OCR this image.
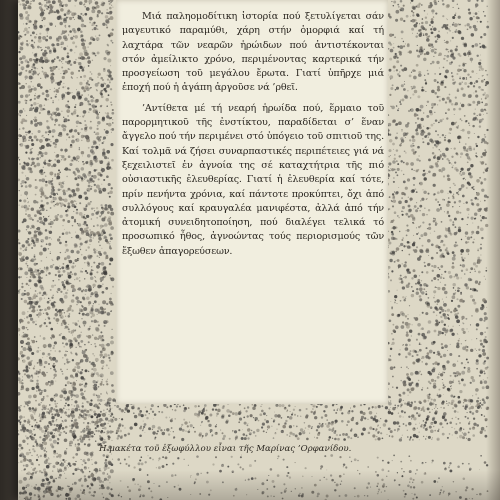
Μιά παληομοδίτικη ἱστορία πού ξετυλίγεται σάν μαγευτικό παραμύθι, χάρη στήν ὁμορφιά καί τή λαχτάρα τῶν νεαρῶν ἡρώιδων πού ἀντιστέκονται στόν ἀμείλικτο χρόνο, περιμένοντας καρτερικά τήν προσγείωση τοῦ μεγάλου ἔρωτα. Γιατί ὑπῆρχε μιά ἐποχή πού ἡ ἀγάπη ἀργοῦσε νά ’ρθεῖ.

’Αντίθετα μέ τή νεαρή ἡρωίδα πού, ἕρμαιο τοῦ παρορμητικοῦ τῆς ἐνστίκτου, παραδίδεται σ’ ἕναν ἄγγελο πού τήν περιμένει στό ὑπόγειο τοῦ σπιτιοῦ της. Καί τολμᾶ νά ζήσει συναρπαστικές περιπέτειες γιά νά ξεχειλιστεῖ ἐν ἀγνοία της σέ καταχτήτρια τῆς πιό οὐσιαστικῆς ἐλευθερίας. Γιατί ἡ ἐλευθερία καί τότε, πρίν πενήντα χρόνια, καί πάντοτε προκύπτει, ὄχι ἀπό συλλόγους καί κραυγαλέα μανιφέστα, ἀλλά ἀπό τήν ἀτομική συνειδητοποίηση, πού διαλέγει τελικά τό προσωπικό ἦθος, ἀγνοώντας τούς περιορισμούς τῶν ἔξωθεν ἀπαγορεύσεων.

Ἡ μακέτα τοῦ ἐξωφύλλου εἶναι τῆς Μαρίνας ’Ορφανίδου.
